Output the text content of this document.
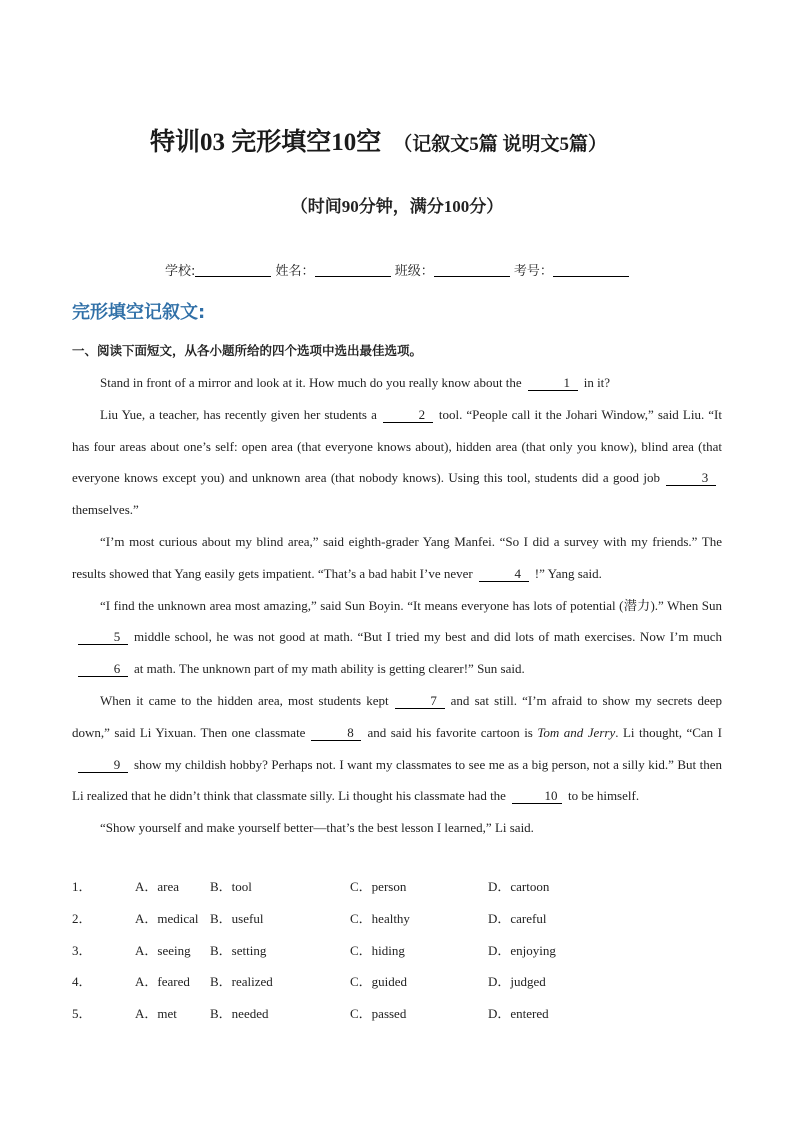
特训03 完形填空10空 （记叙文5篇 说明文5篇）
（时间90分钟，满分100分）
学校:	姓名：	班级：	考号：
完形填空记叙文:
一、阅读下面短文，从各小题所给的四个选项中选出最佳选项。

Stand in front of a mirror and look at it. How much do you really know about the	1 in it?

Liu Yue, a teacher, has recently given her students a	2 tool. “People call it the Johari Window,” said Liu. “It has four areas about one’s self: open area (that everyone knows about), hidden area (that only you know), blind area (that everyone knows except you) and unknown area (that nobody knows). Using this tool, students did a good job	3themselves.”

“I’m most curious about my blind area,” said eighth-grader Yang Manfei. “So I did a survey with my friends.” The results showed that Yang easily gets impatient. “That’s a bad habit I’ve never	4 !” Yang said.

“I find the unknown area most amazing,” said Sun Boyin. “It means everyone has lots of potential (潜力).” When Sun5 middle school, he was not good at math. “But I tried my best and did lots of math exercises. Now I’m much6 at math. The unknown part of my math ability is getting clearer!” Sun said.

When it came to the hidden area, most students kept	7 and sat still. “I’m afraid to show my secrets deep down,” said Li Yixuan. Then one classmate	8 and said his favorite cartoon is Tom and Jerry. Li thought, “Can I9 show my childish hobby? Perhaps not. I want my classmates to see me as a big person, not a silly kid.” But then Li realized that he didn’t think that classmate silly. Li thought his classmate had the	10 to be himself.

“Show yourself and make yourself better—that’s the best lesson I learned,” Li said.

1．	A．area	B．tool	C．person	D．cartoon
2．	A．medical B．useful	C．healthy	D．careful
3．	A．seeing	B．setting	C．hiding	D．enjoying
4．	A．feared	B．realized	C．guided	D．judged
5．	A．met	B．needed	C．passed	D．entered
